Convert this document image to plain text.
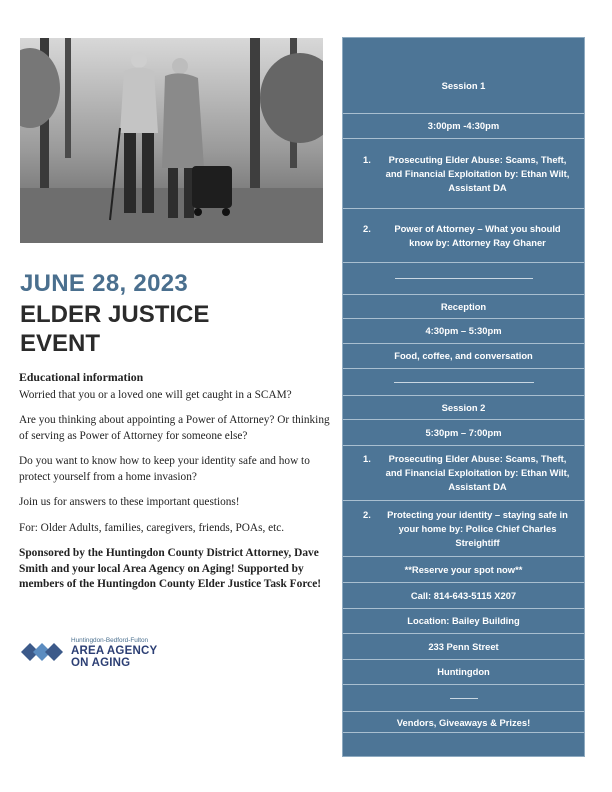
JUNE 28, 2023
ELDER JUSTICE
EVENT

Educational information

Worried that you or a loved one will get caught in a SCAM?

Are you thinking about appointing a Power of Attorney? Or thinking of serving as Power of Attorney for someone else?

Do you want to know how to keep your identity safe and how to protect yourself from a home invasion?

Join us for answers to these important questions!

For: Older Adults, families, caregivers, friends, POAs, etc.

Sponsored by the Huntingdon County District Attorney, Dave Smith and your local Area Agency on Aging! Supported by members of the Huntingdon County Elder Justice Task Force!

Huntingdon-Bedford-Fulton
AREA AGENCY
ON AGING
Session 1
3:00pm -4:30pm
1.	Prosecuting Elder Abuse: Scams, Theft, and Financial Exploitation by: Ethan Wilt, Assistant DA
2.	Power of Attorney – What you should know by: Attorney Ray Ghaner
Reception
4:30pm – 5:30pm
Food, coffee, and conversation
Session 2
5:30pm – 7:00pm
1.	Prosecuting Elder Abuse: Scams, Theft, and Financial Exploitation by: Ethan Wilt, Assistant DA
2.	Protecting your identity – staying safe in your home by: Police Chief Charles Streightiff
**Reserve your spot now**
Call: 814-643-5115 X207
Location: Bailey Building
233 Penn Street
Huntingdon
Vendors, Giveaways & Prizes!
